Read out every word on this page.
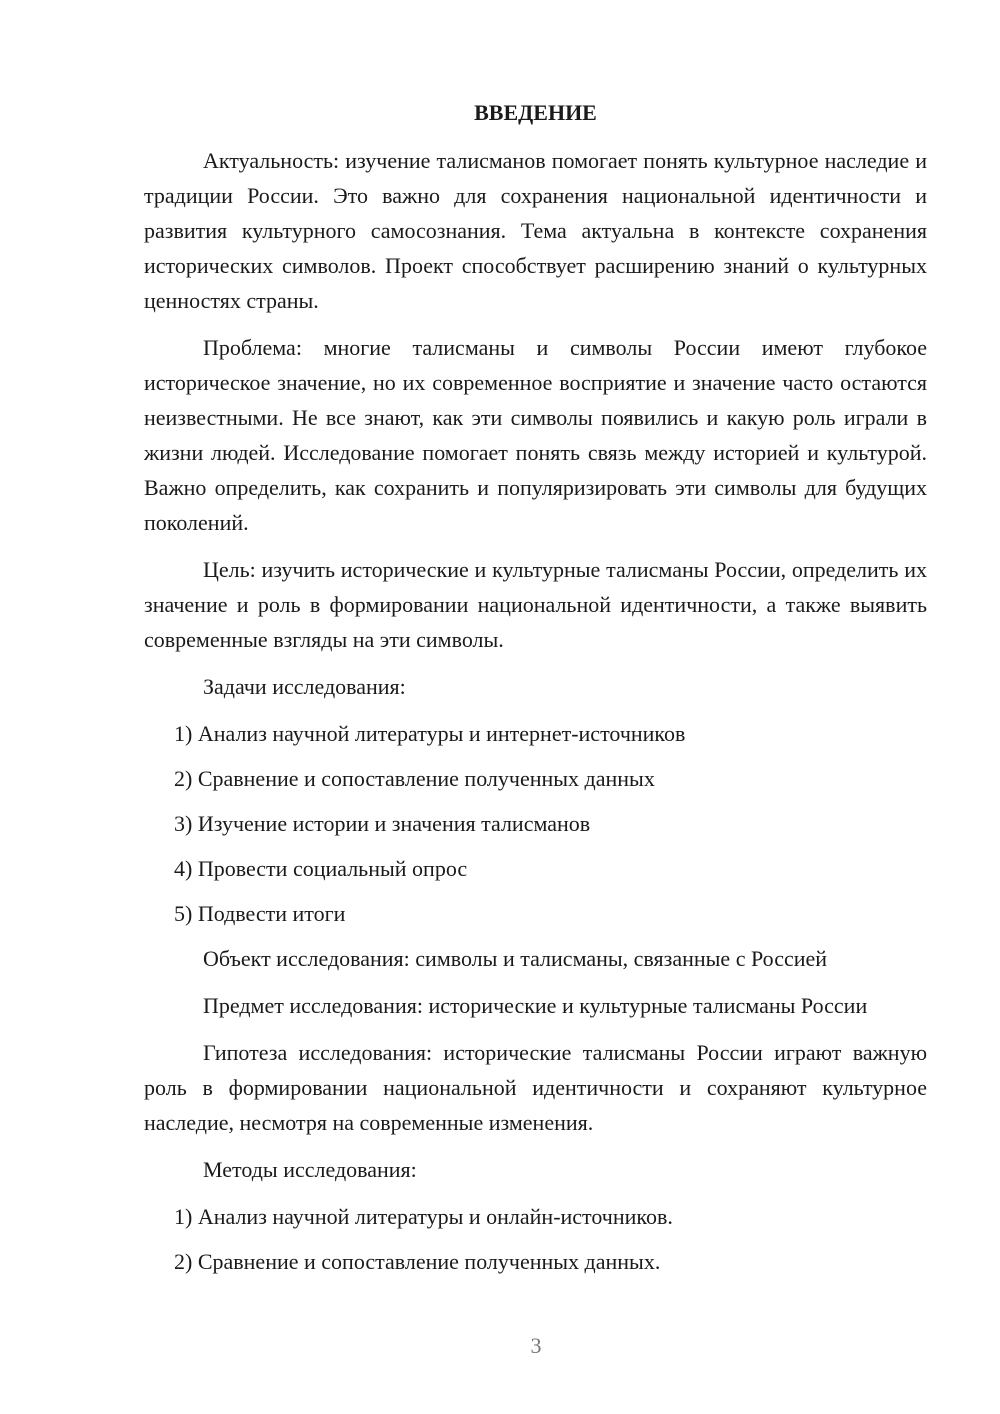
ВВЕДЕНИЕ

Актуальность: изучение талисманов помогает понять культурное наследие и традиции России. Это важно для сохранения национальной идентичности и развития культурного самосознания. Тема актуальна в контексте сохранения исторических символов. Проект способствует расширению знаний о культурных ценностях страны.

Проблема: многие талисманы и символы России имеют глубокое историческое значение, но их современное восприятие и значение часто остаются неизвестными. Не все знают, как эти символы появились и какую роль играли в жизни людей. Исследование помогает понять связь между историей и культурой. Важно определить, как сохранить и популяризировать эти символы для будущих поколений.

Цель: изучить исторические и культурные талисманы России, определить их значение и роль в формировании национальной идентичности, а также выявить современные взгляды на эти символы.

Задачи исследования:

1) Анализ научной литературы и интернет-источников

2) Сравнение и сопоставление полученных данных

3) Изучение истории и значения талисманов

4) Провести социальный опрос

5) Подвести итоги

Объект исследования: символы и талисманы, связанные с Россией

Предмет исследования: исторические и культурные талисманы России

Гипотеза исследования: исторические талисманы России играют важную роль в формировании национальной идентичности и сохраняют культурное наследие, несмотря на современные изменения.

Методы исследования:

1) Анализ научной литературы и онлайн-источников.

2) Сравнение и сопоставление полученных данных.

3
